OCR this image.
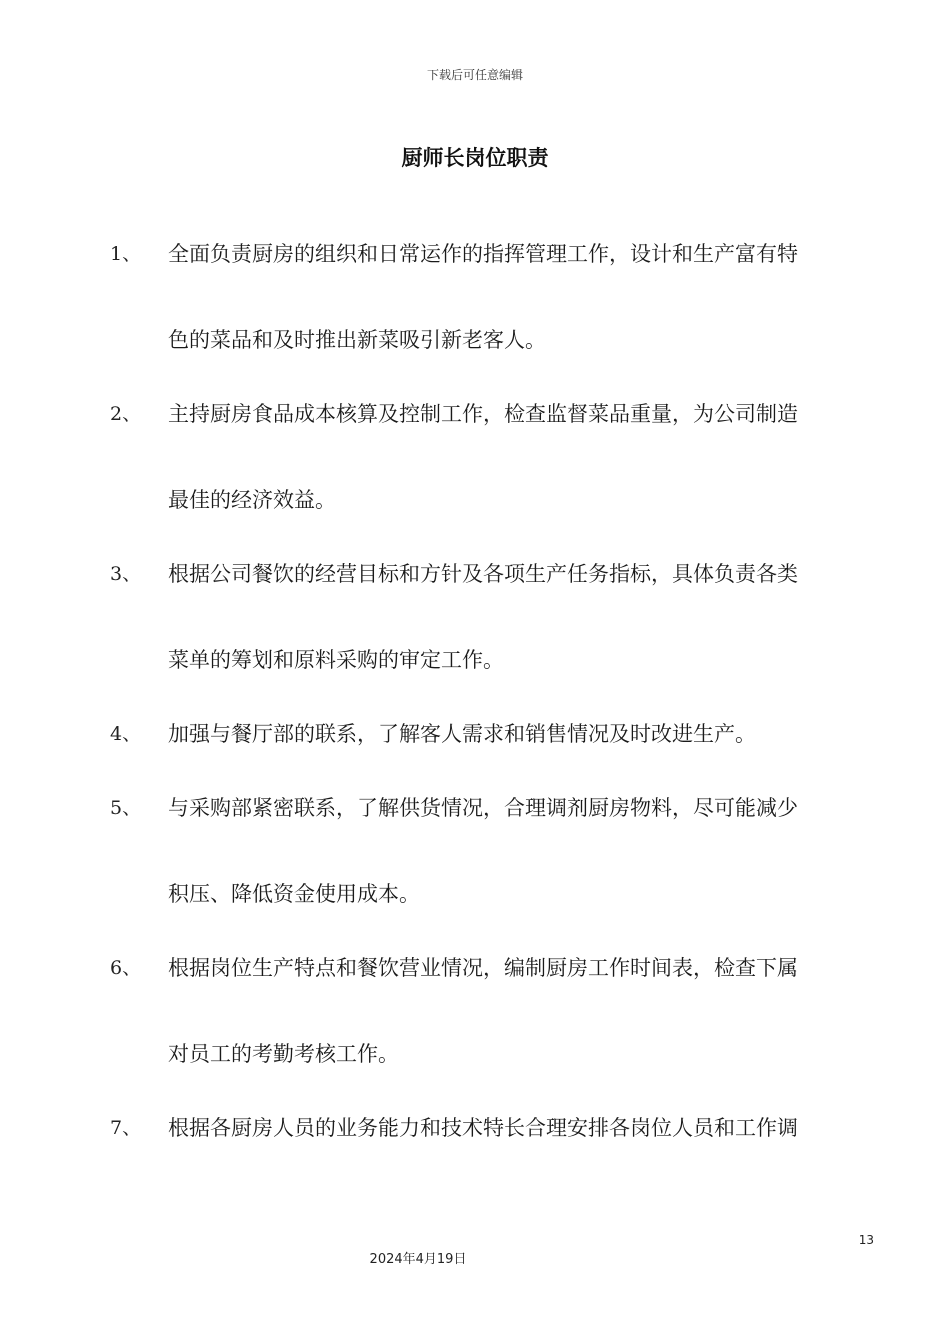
下载后可任意编辑
厨师长岗位职责
1、	全面负责厨房的组织和日常运作的指挥管理工作，设计和生产富有特
色的菜品和及时推出新菜吸引新老客人。
2、	主持厨房食品成本核算及控制工作，检查监督菜品重量，为公司制造
最佳的经济效益。
3、	根据公司餐饮的经营目标和方针及各项生产任务指标，具体负责各类
菜单的筹划和原料采购的审定工作。
4、	加强与餐厅部的联系，了解客人需求和销售情况及时改进生产。
5、	与采购部紧密联系，了解供货情况，合理调剂厨房物料，尽可能减少
积压、降低资金使用成本。
6、	根据岗位生产特点和餐饮营业情况，编制厨房工作时间表，检查下属
对员工的考勤考核工作。
7、	根据各厨房人员的业务能力和技术特长合理安排各岗位人员和工作调
13
2024年4月19日
